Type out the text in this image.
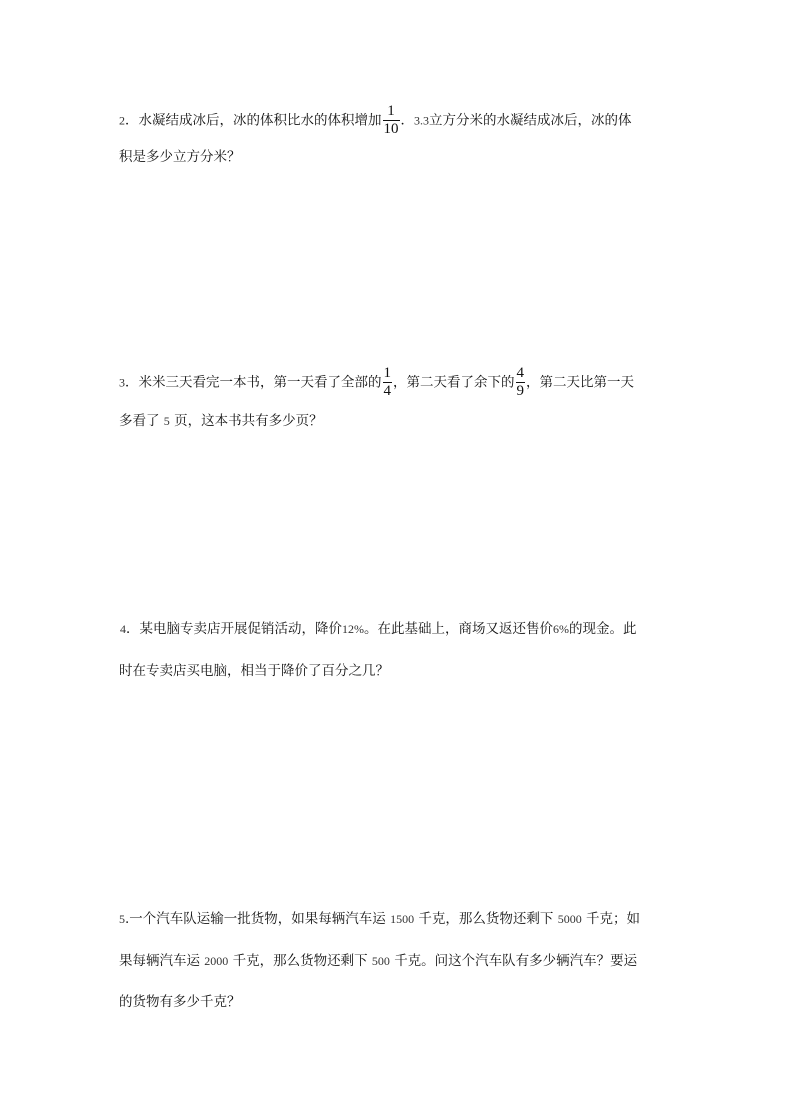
2．水凝结成冰后，冰的体积比水的体积增加 $\frac{1}{10}$ ．3.3立方分米的水凝结成冰后，冰的体
积是多少立方分米？
3．米米三天看完一本书，第一天看了全部的 $\frac{1}{4}$ ，第二天看了余下的 $\frac{4}{9}$ ，第二天比第一天
多看了 5 页，这本书共有多少页？
4．某电脑专卖店开展促销活动，降价12%。在此基础上，商场又返还售价6%的现金。此
时在专卖店买电脑，相当于降价了百分之几？
5.一个汽车队运输一批货物，如果每辆汽车运 1500 千克，那么货物还剩下 5000 千克；如
果每辆汽车运 2000 千克，那么货物还剩下 500 千克。问这个汽车队有多少辆汽车？要运
的货物有多少千克？
